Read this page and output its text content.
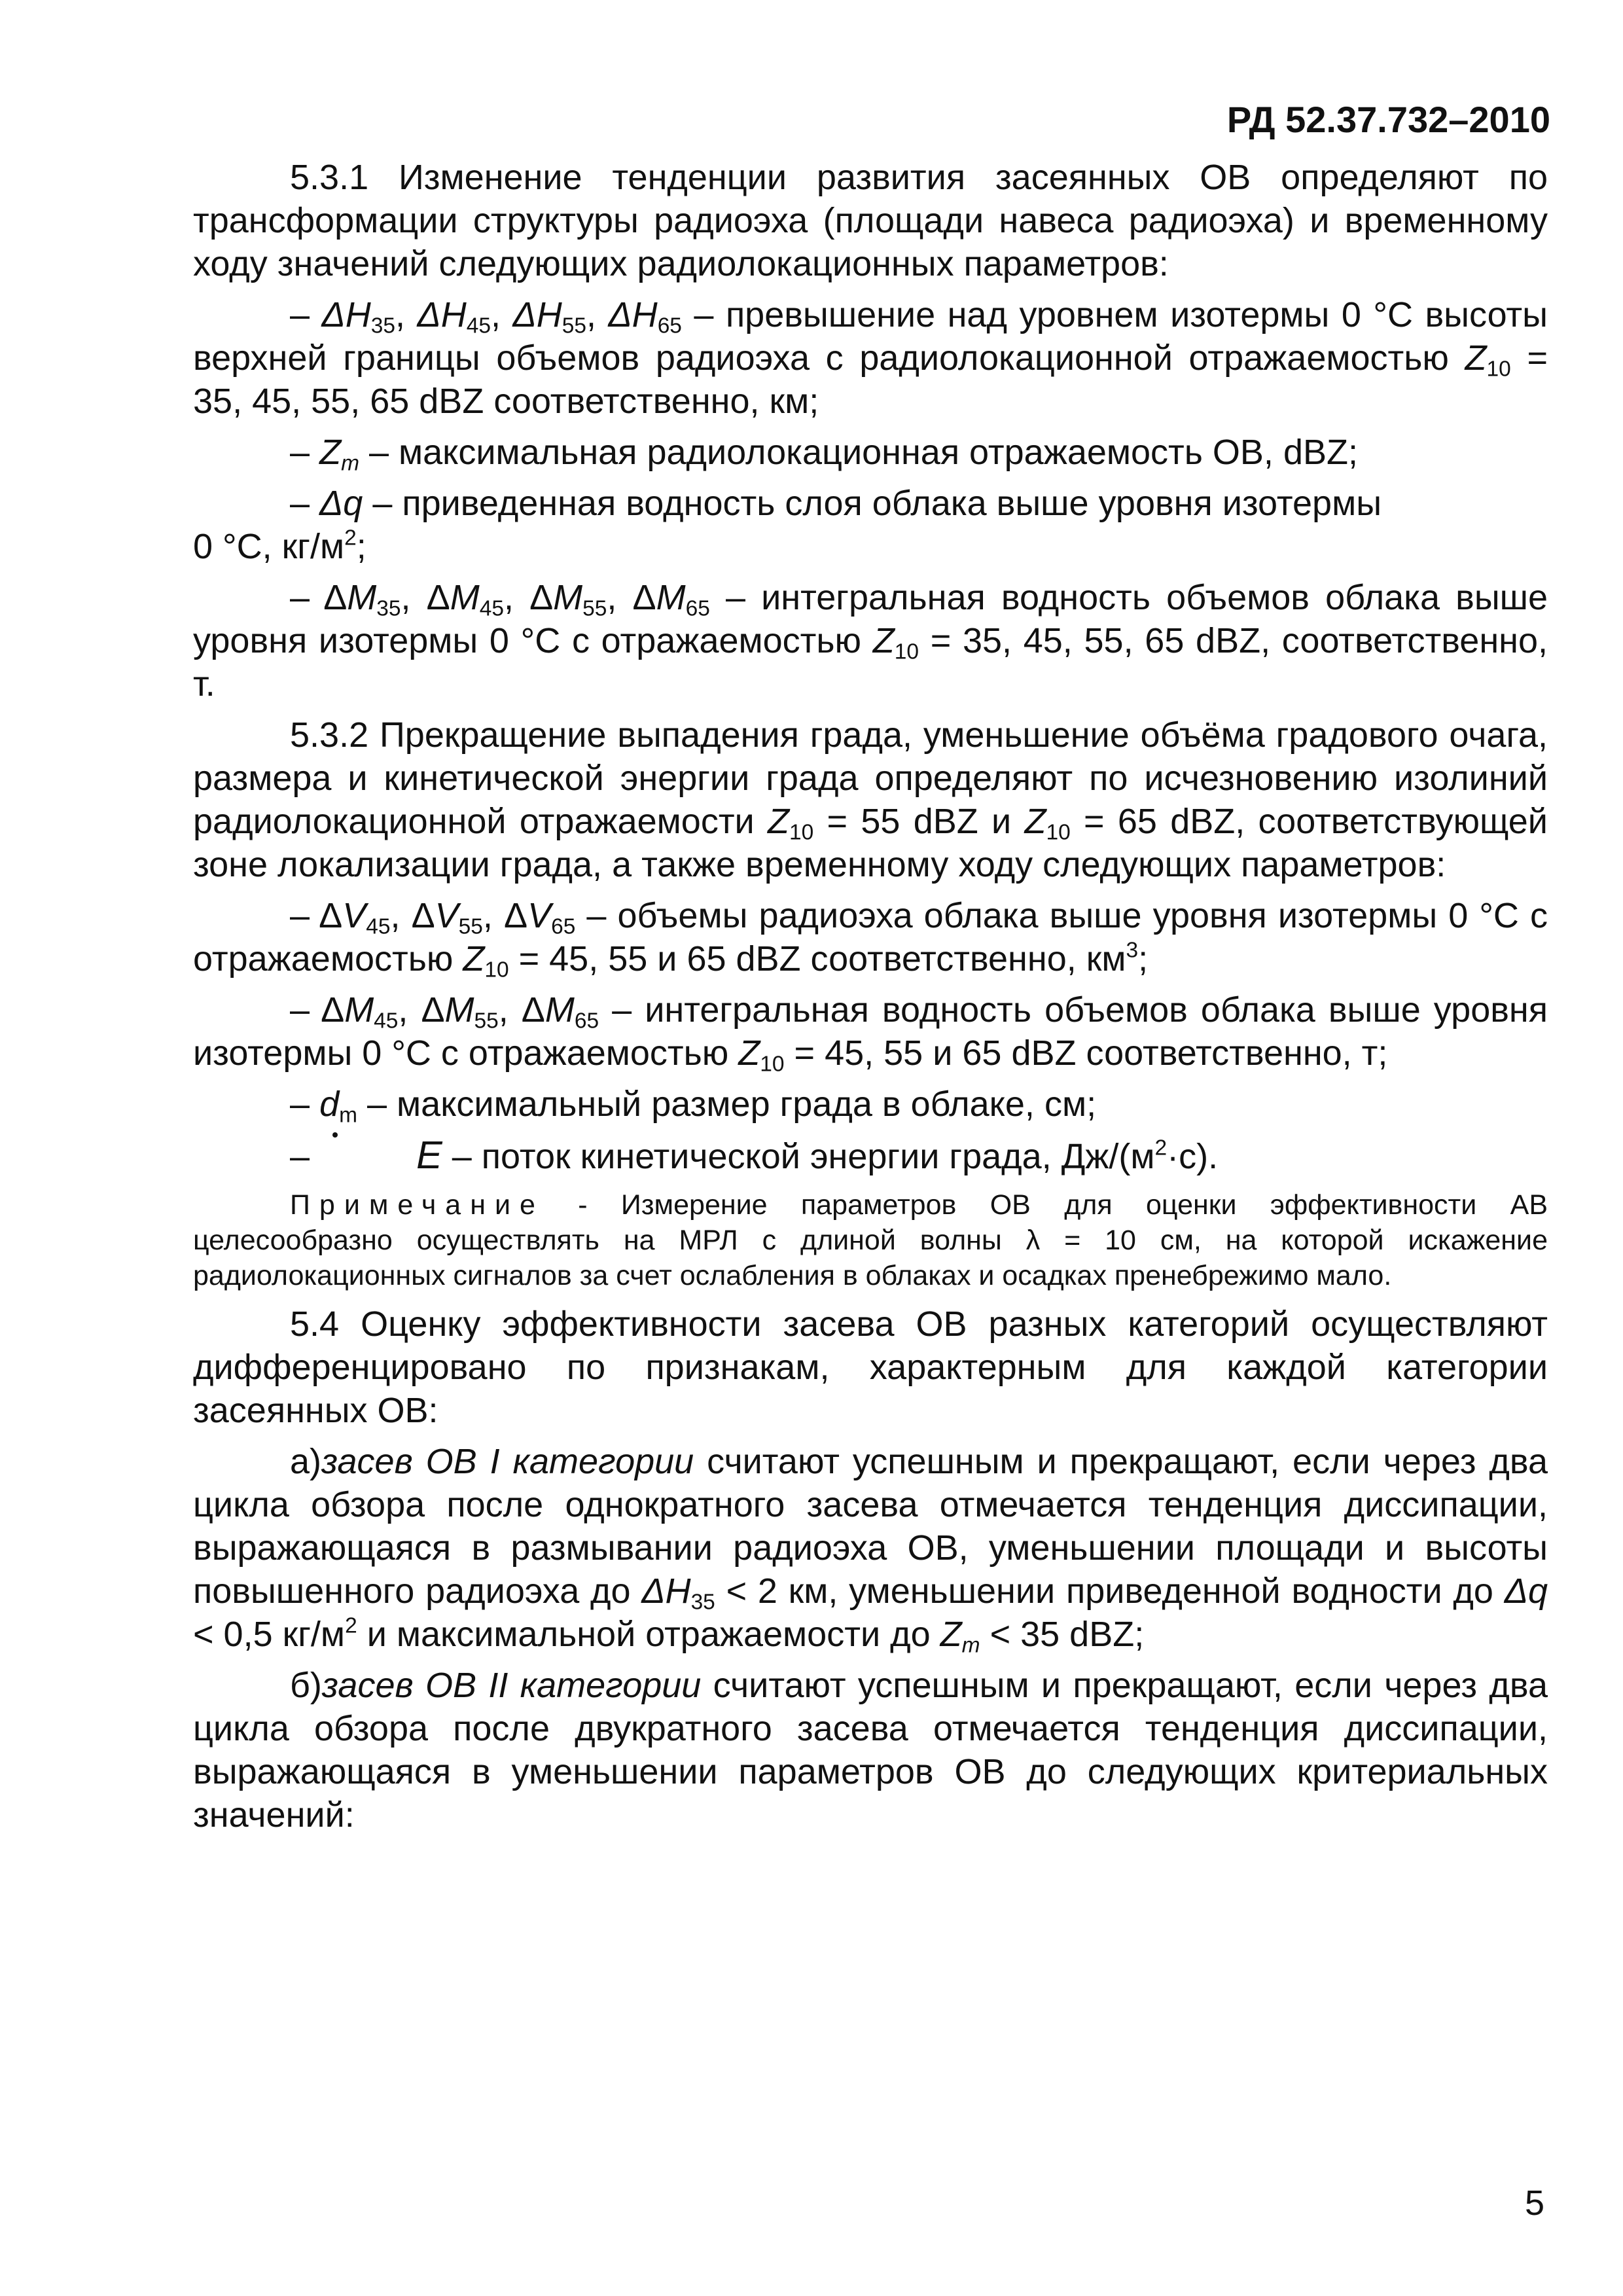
РД 52.37.732–2010

5.3.1 Изменение тенденции развития засеянных ОВ определяют по трансформации структуры радиоэха (площади навеса радиоэха) и временному ходу значений следующих радиолокационных параметров:

– $\Delta H_{35}$, $\Delta H_{45}$, $\Delta H_{55}$, $\Delta H_{65}$ – превышение над уровнем изотермы 0 °С высоты верхней границы объемов радиоэха с радиолокационной отражаемостью $Z_{10} = 35$, 45, 55, 65 dBZ соответственно, км;

– $Z_m$ – максимальная радиолокационная отражаемость ОВ, dBZ;

– Δq – приведенная водность слоя облака выше уровня изотермы
0 °С, $кг/м^2$;

– $\Delta M_{35}$, $\Delta M_{45}$, $\Delta M_{55}$, $\Delta M_{65}$ – интегральная водность объемов облака выше уровня изотермы 0 °С с отражаемостью $Z_{10} = 35$, 45, 55, 65 dBZ, соответственно, т.

5.3.2 Прекращение выпадения града, уменьшение объёма градового очага, размера и кинетической энергии града определяют по исчезновению изолиний радиолокационной отражаемости $Z_{10} = 55$ dBZ и $Z_{10} = 65$ dBZ, соответствующей зоне локализации града, а также временному ходу следующих параметров:

– $\Delta V_{45}$, $\Delta V_{55}$, $\Delta V_{65}$ – объемы радиоэха облака выше уровня изотермы 0 °С с отражаемостью $Z_{10} = 45$, 55 и 65 dBZ соответственно, $км^3$;

– $\Delta M_{45}$, $\Delta M_{55}$, $\Delta M_{65}$ – интегральная водность объемов облака выше уровня изотермы 0 °С с отражаемостью $Z_{10} = 45$, 55 и 65 dBZ соответственно, т;

– $d_m$ – максимальный размер града в облаке, см;

–	E – поток кинетической энергии града, $Дж/(м^2\cdot с)$.

Примечание - Измерение параметров ОВ для оценки эффективности АВ целесообразно осуществлять на МРЛ с длиной волны λ = 10 см, на которой искажение радиолокационных сигналов за счет ослабления в облаках и осадках пренебрежимо мало.

5.4 Оценку эффективности засева ОВ разных категорий осуществляют дифференцировано по признакам, характерным для каждой категории засеянных ОВ:

а)засев ОВ I категории считают успешным и прекращают, если через два цикла обзора после однократного засева отмечается тенденция диссипации, выражающаяся в размывании радиоэха ОВ, уменьшении площади и высоты повышенного радиоэха до $\Delta H_{35} < 2$ км, уменьшении приведенной водности до Δq < 0,5 $кг/м^2$ и максимальной отражаемости до $Z_m < 35$ dBZ;

б)засев ОВ II категории считают успешным и прекращают, если через два цикла обзора после двукратного засева отмечается тенденция диссипации, выражающаяся в уменьшении параметров ОВ до следующих критериальных значений:

5
